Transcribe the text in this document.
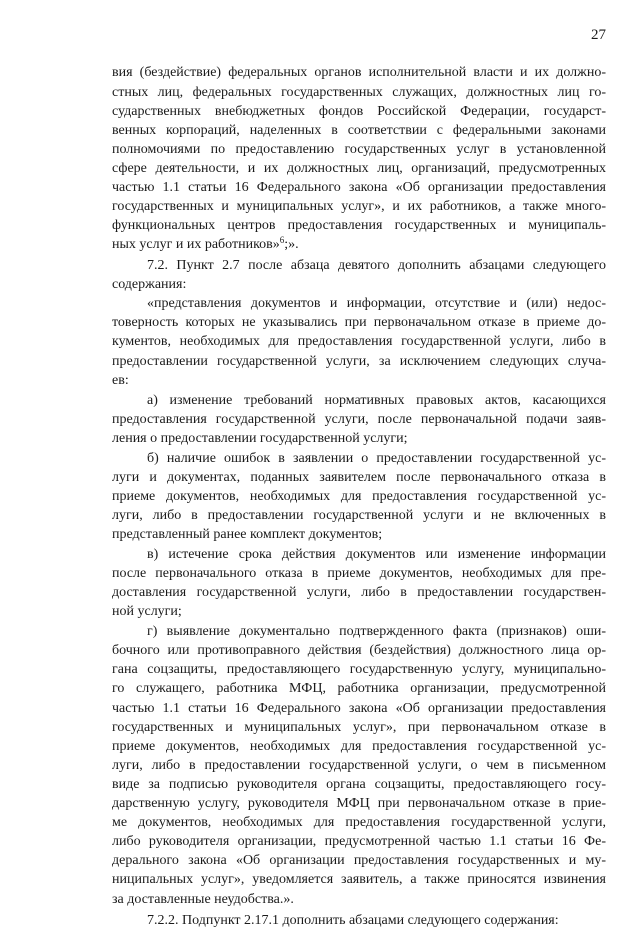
27
вия (бездействие) федеральных органов исполнительной власти и их должно-
стных лиц, федеральных государственных служащих, должностных лиц го-
сударственных внебюджетных фондов Российской Федерации, государст-
венных корпораций, наделенных в соответствии с федеральными законами
полномочиями по предоставлению государственных услуг в установленной
сфере деятельности, и их должностных лиц, организаций, предусмотренных
частью 1.1 статьи 16 Федерального закона «Об организации предоставления
государственных и муниципальных услуг», и их работников, а также много-
функциональных центров предоставления государственных и муниципаль-
ных услуг и их работников»$^6$;».
7.2. Пункт 2.7 после абзаца девятого дополнить абзацами следующего
содержания:
«представления документов и информации, отсутствие и (или) недос-
товерность которых не указывались при первоначальном отказе в приеме до-
кументов, необходимых для предоставления государственной услуги, либо в
предоставлении государственной услуги, за исключением следующих случа-
ев:
а) изменение требований нормативных правовых актов, касающихся
предоставления государственной услуги, после первоначальной подачи заяв-
ления о предоставлении государственной услуги;
б) наличие ошибок в заявлении о предоставлении государственной ус-
луги и документах, поданных заявителем после первоначального отказа в
приеме документов, необходимых для предоставления государственной ус-
луги, либо в предоставлении государственной услуги и не включенных в
представленный ранее комплект документов;
в) истечение срока действия документов или изменение информации
после первоначального отказа в приеме документов, необходимых для пре-
доставления государственной услуги, либо в предоставлении государствен-
ной услуги;
г) выявление документально подтвержденного факта (признаков) оши-
бочного или противоправного действия (бездействия) должностного лица ор-
гана соцзащиты, предоставляющего государственную услугу, муниципально-
го служащего, работника МФЦ, работника организации, предусмотренной
частью 1.1 статьи 16 Федерального закона «Об организации предоставления
государственных и муниципальных услуг», при первоначальном отказе в
приеме документов, необходимых для предоставления государственной ус-
луги, либо в предоставлении государственной услуги, о чем в письменном
виде за подписью руководителя органа соцзащиты, предоставляющего госу-
дарственную услугу, руководителя МФЦ при первоначальном отказе в прие-
ме документов, необходимых для предоставления государственной услуги,
либо руководителя организации, предусмотренной частью 1.1 статьи 16 Фе-
дерального закона «Об организации предоставления государственных и му-
ниципальных услуг», уведомляется заявитель, а также приносятся извинения
за доставленные неудобства.».
7.2.2. Подпункт 2.17.1 дополнить абзацами следующего содержания:
